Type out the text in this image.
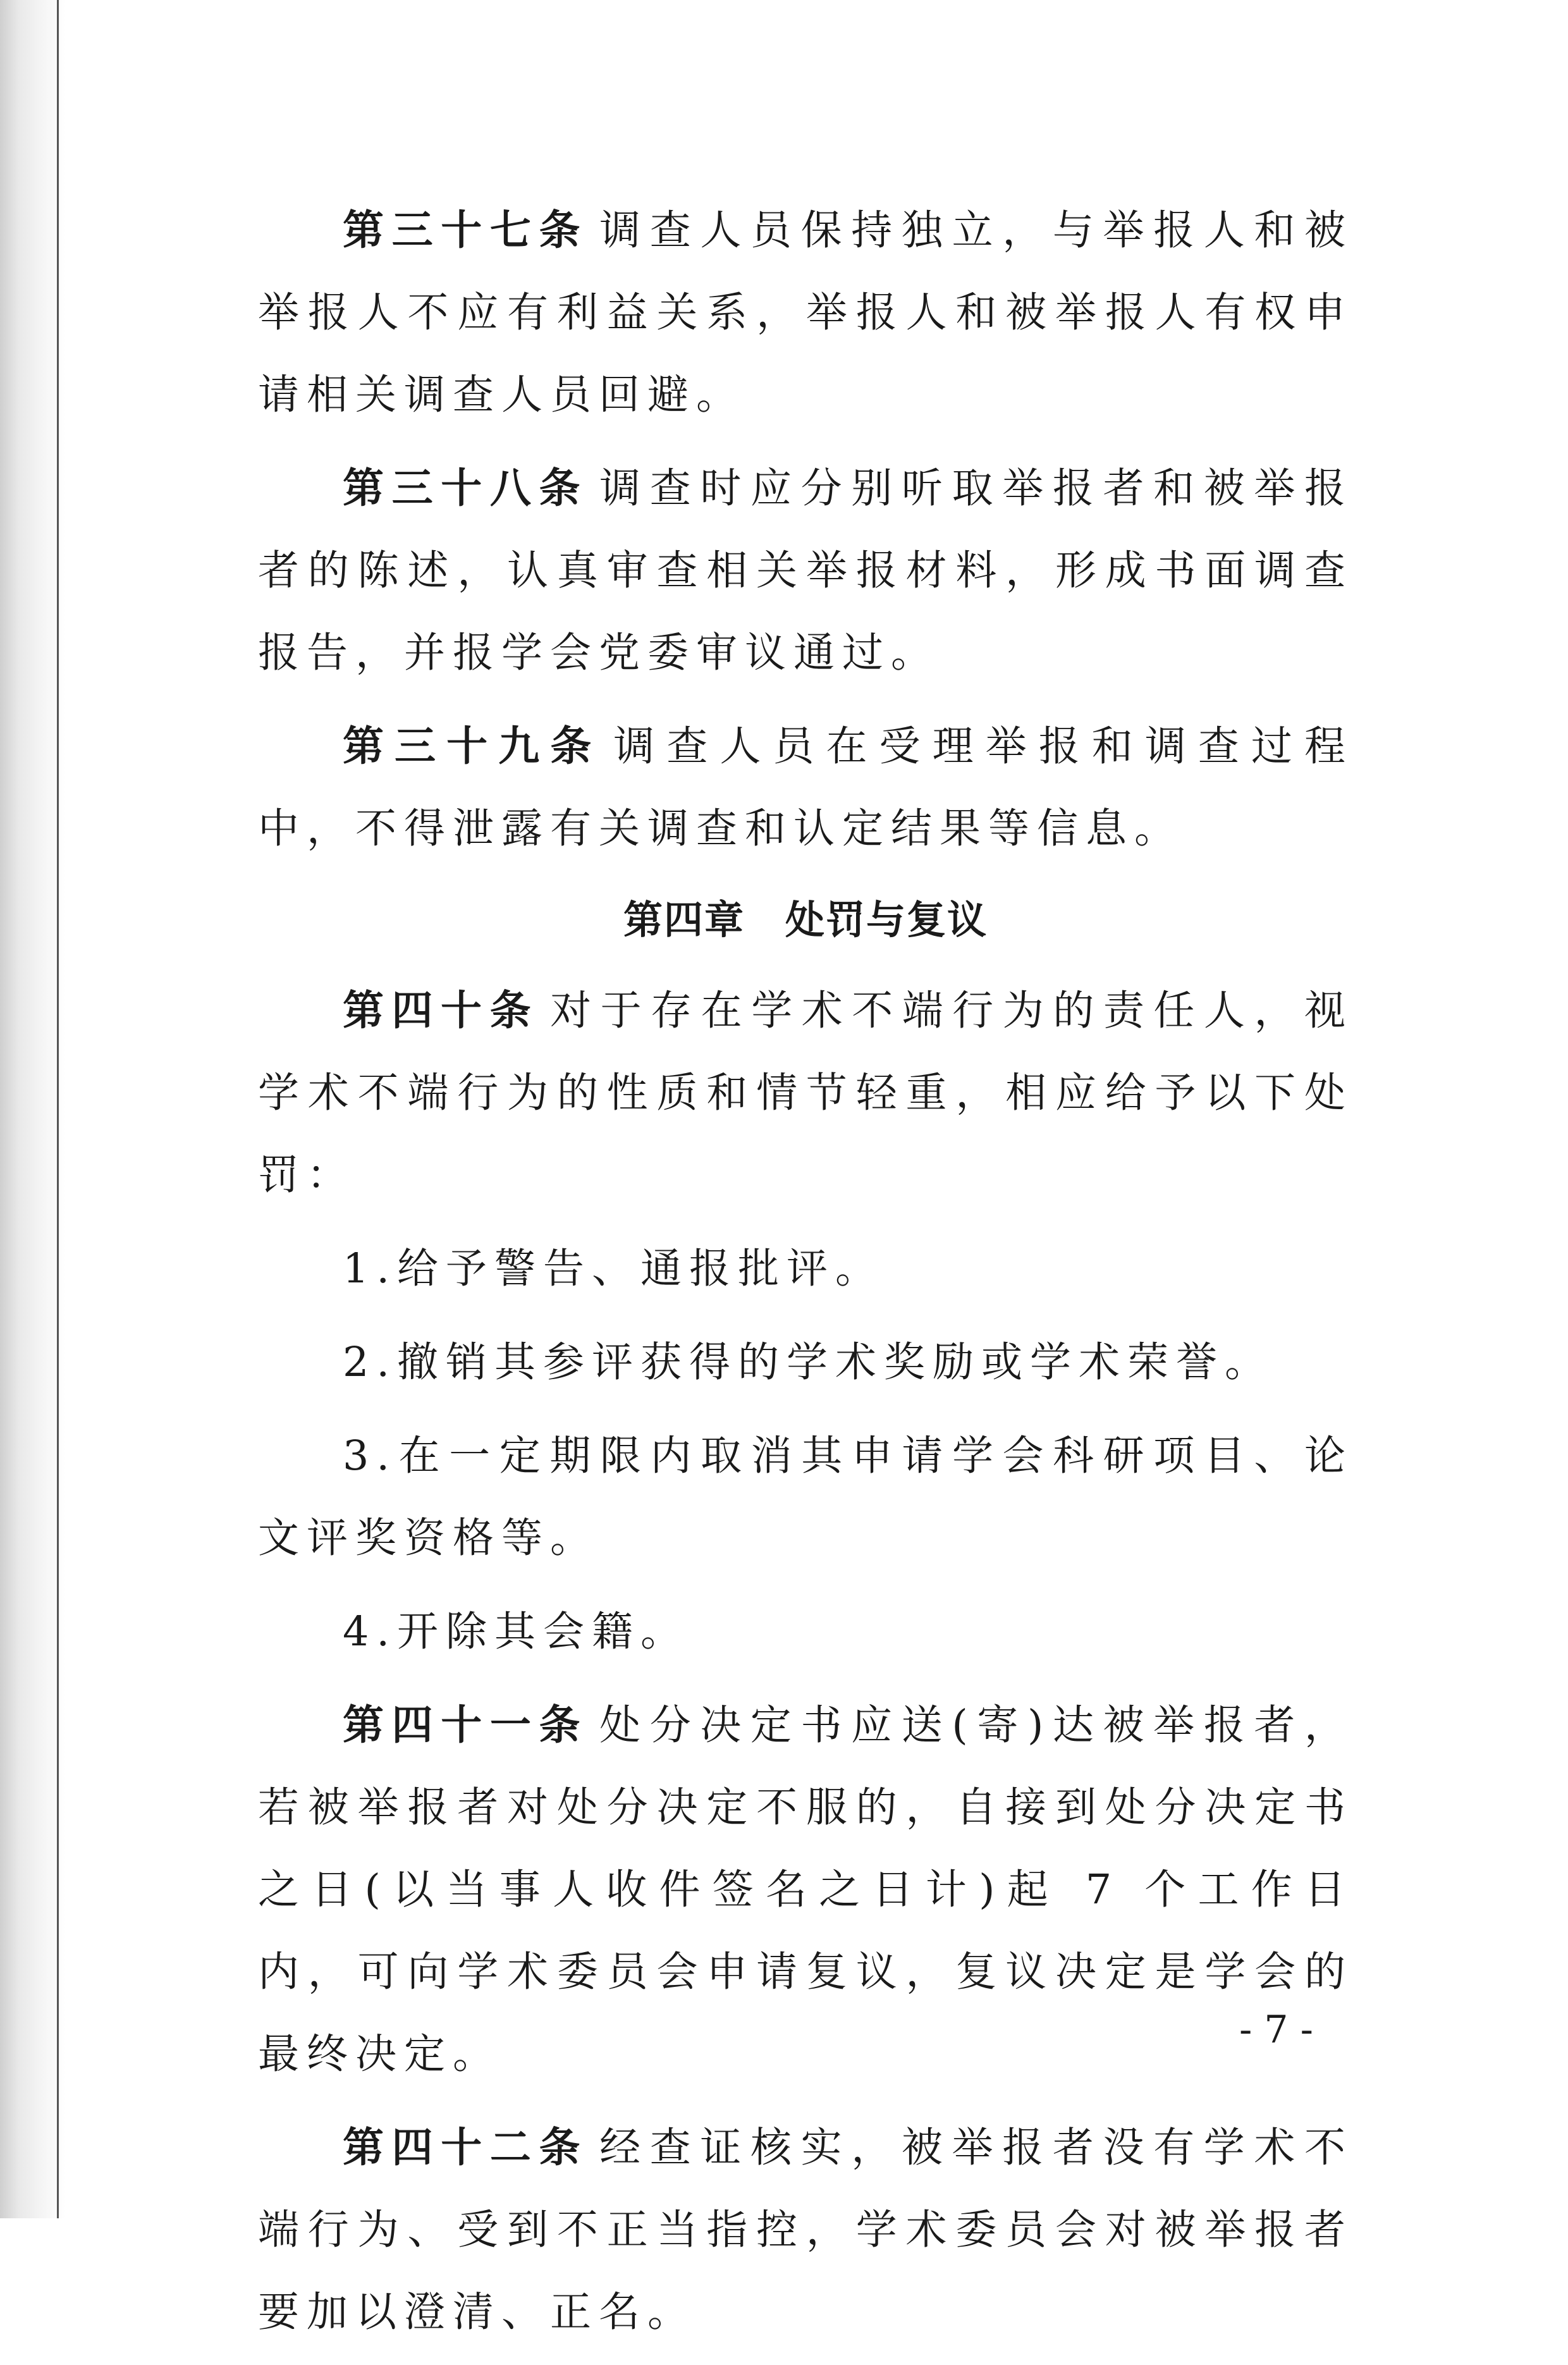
第三十七条 调查人员保持独立，与举报人和被举报人不应有利益关系，举报人和被举报人有权申请相关调查人员回避。

第三十八条 调查时应分别听取举报者和被举报者的陈述，认真审查相关举报材料，形成书面调查报告，并报学会党委审议通过。

第三十九条 调查人员在受理举报和调查过程中，不得泄露有关调查和认定结果等信息。

第四章　处罚与复议

第四十条 对于存在学术不端行为的责任人，视学术不端行为的性质和情节轻重，相应给予以下处罚：

1.给予警告、通报批评。

2.撤销其参评获得的学术奖励或学术荣誉。

3.在一定期限内取消其申请学会科研项目、论文评奖资格等。

4.开除其会籍。

第四十一条 处分决定书应送(寄)达被举报者，若被举报者对处分决定不服的，自接到处分决定书之日(以当事人收件签名之日计)起 7 个工作日内，可向学术委员会申请复议，复议决定是学会的最终决定。

第四十二条 经查证核实，被举报者没有学术不端行为、受到不正当指控，学术委员会对被举报者要加以澄清、正名。

- 7 -
